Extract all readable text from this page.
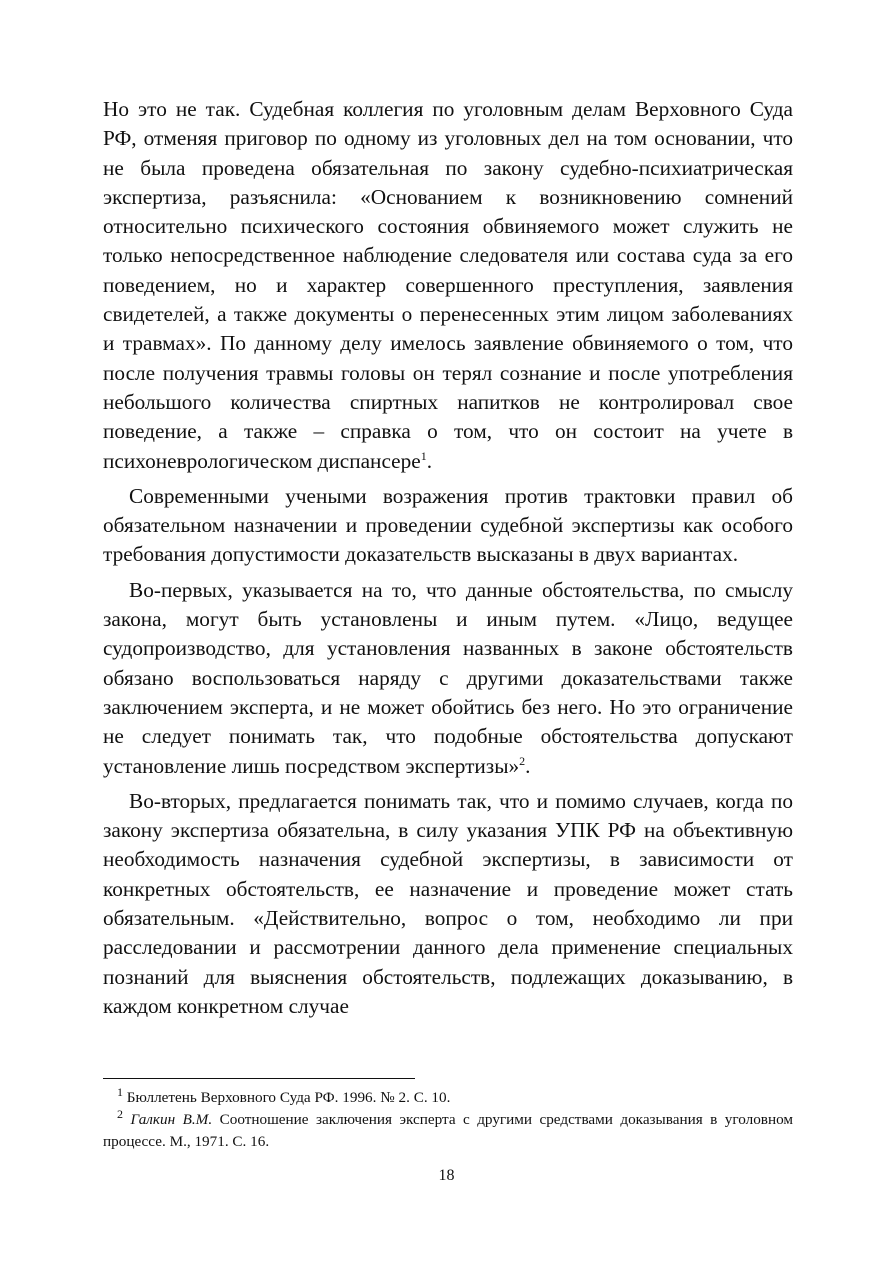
Но это не так. Судебная коллегия по уголовным делам Верховного Суда РФ, отменяя приговор по одному из уголовных дел на том основании, что не была проведена обязательная по закону судебно-психиатрическая экспертиза, разъяснила: «Основанием к возникновению сомнений относительно психического состояния обвиняемого может служить не только непосредственное наблюдение следователя или состава суда за его поведением, но и характер совершенного преступления, заявления свидетелей, а также документы о перенесенных этим лицом заболеваниях и травмах». По данному делу имелось заявление обвиняемого о том, что после получения травмы головы он терял сознание и после употребления небольшого количества спиртных напитков не контролировал свое поведение, а также – справка о том, что он состоит на учете в психоневрологическом диспансере$^1$.

Современными учеными возражения против трактовки правил об обязательном назначении и проведении судебной экспертизы как особого требования допустимости доказательств высказаны в двух вариантах.

Во-первых, указывается на то, что данные обстоятельства, по смыслу закона, могут быть установлены и иным путем. «Лицо, ведущее судопроизводство, для установления названных в законе обстоятельств обязано воспользоваться наряду с другими доказательствами также заключением эксперта, и не может обойтись без него. Но это ограничение не следует понимать так, что подобные обстоятельства допускают установление лишь посредством экспертизы»$^2$.

Во-вторых, предлагается понимать так, что и помимо случаев, когда по закону экспертиза обязательна, в силу указания УПК РФ на объективную необходимость назначения судебной экспертизы, в зависимости от конкретных обстоятельств, ее назначение и проведение может стать обязательным. «Действительно, вопрос о том, необходимо ли при расследовании и рассмотрении данного дела применение специальных познаний для выяснения обстоятельств, подлежащих доказыванию, в каждом конкретном случае

$^1$ Бюллетень Верховного Суда РФ. 1996. № 2. С. 10.

$^2$ Галкин В.М. Соотношение заключения эксперта с другими средствами доказывания в уголовном процессе. М., 1971. С. 16.

18
